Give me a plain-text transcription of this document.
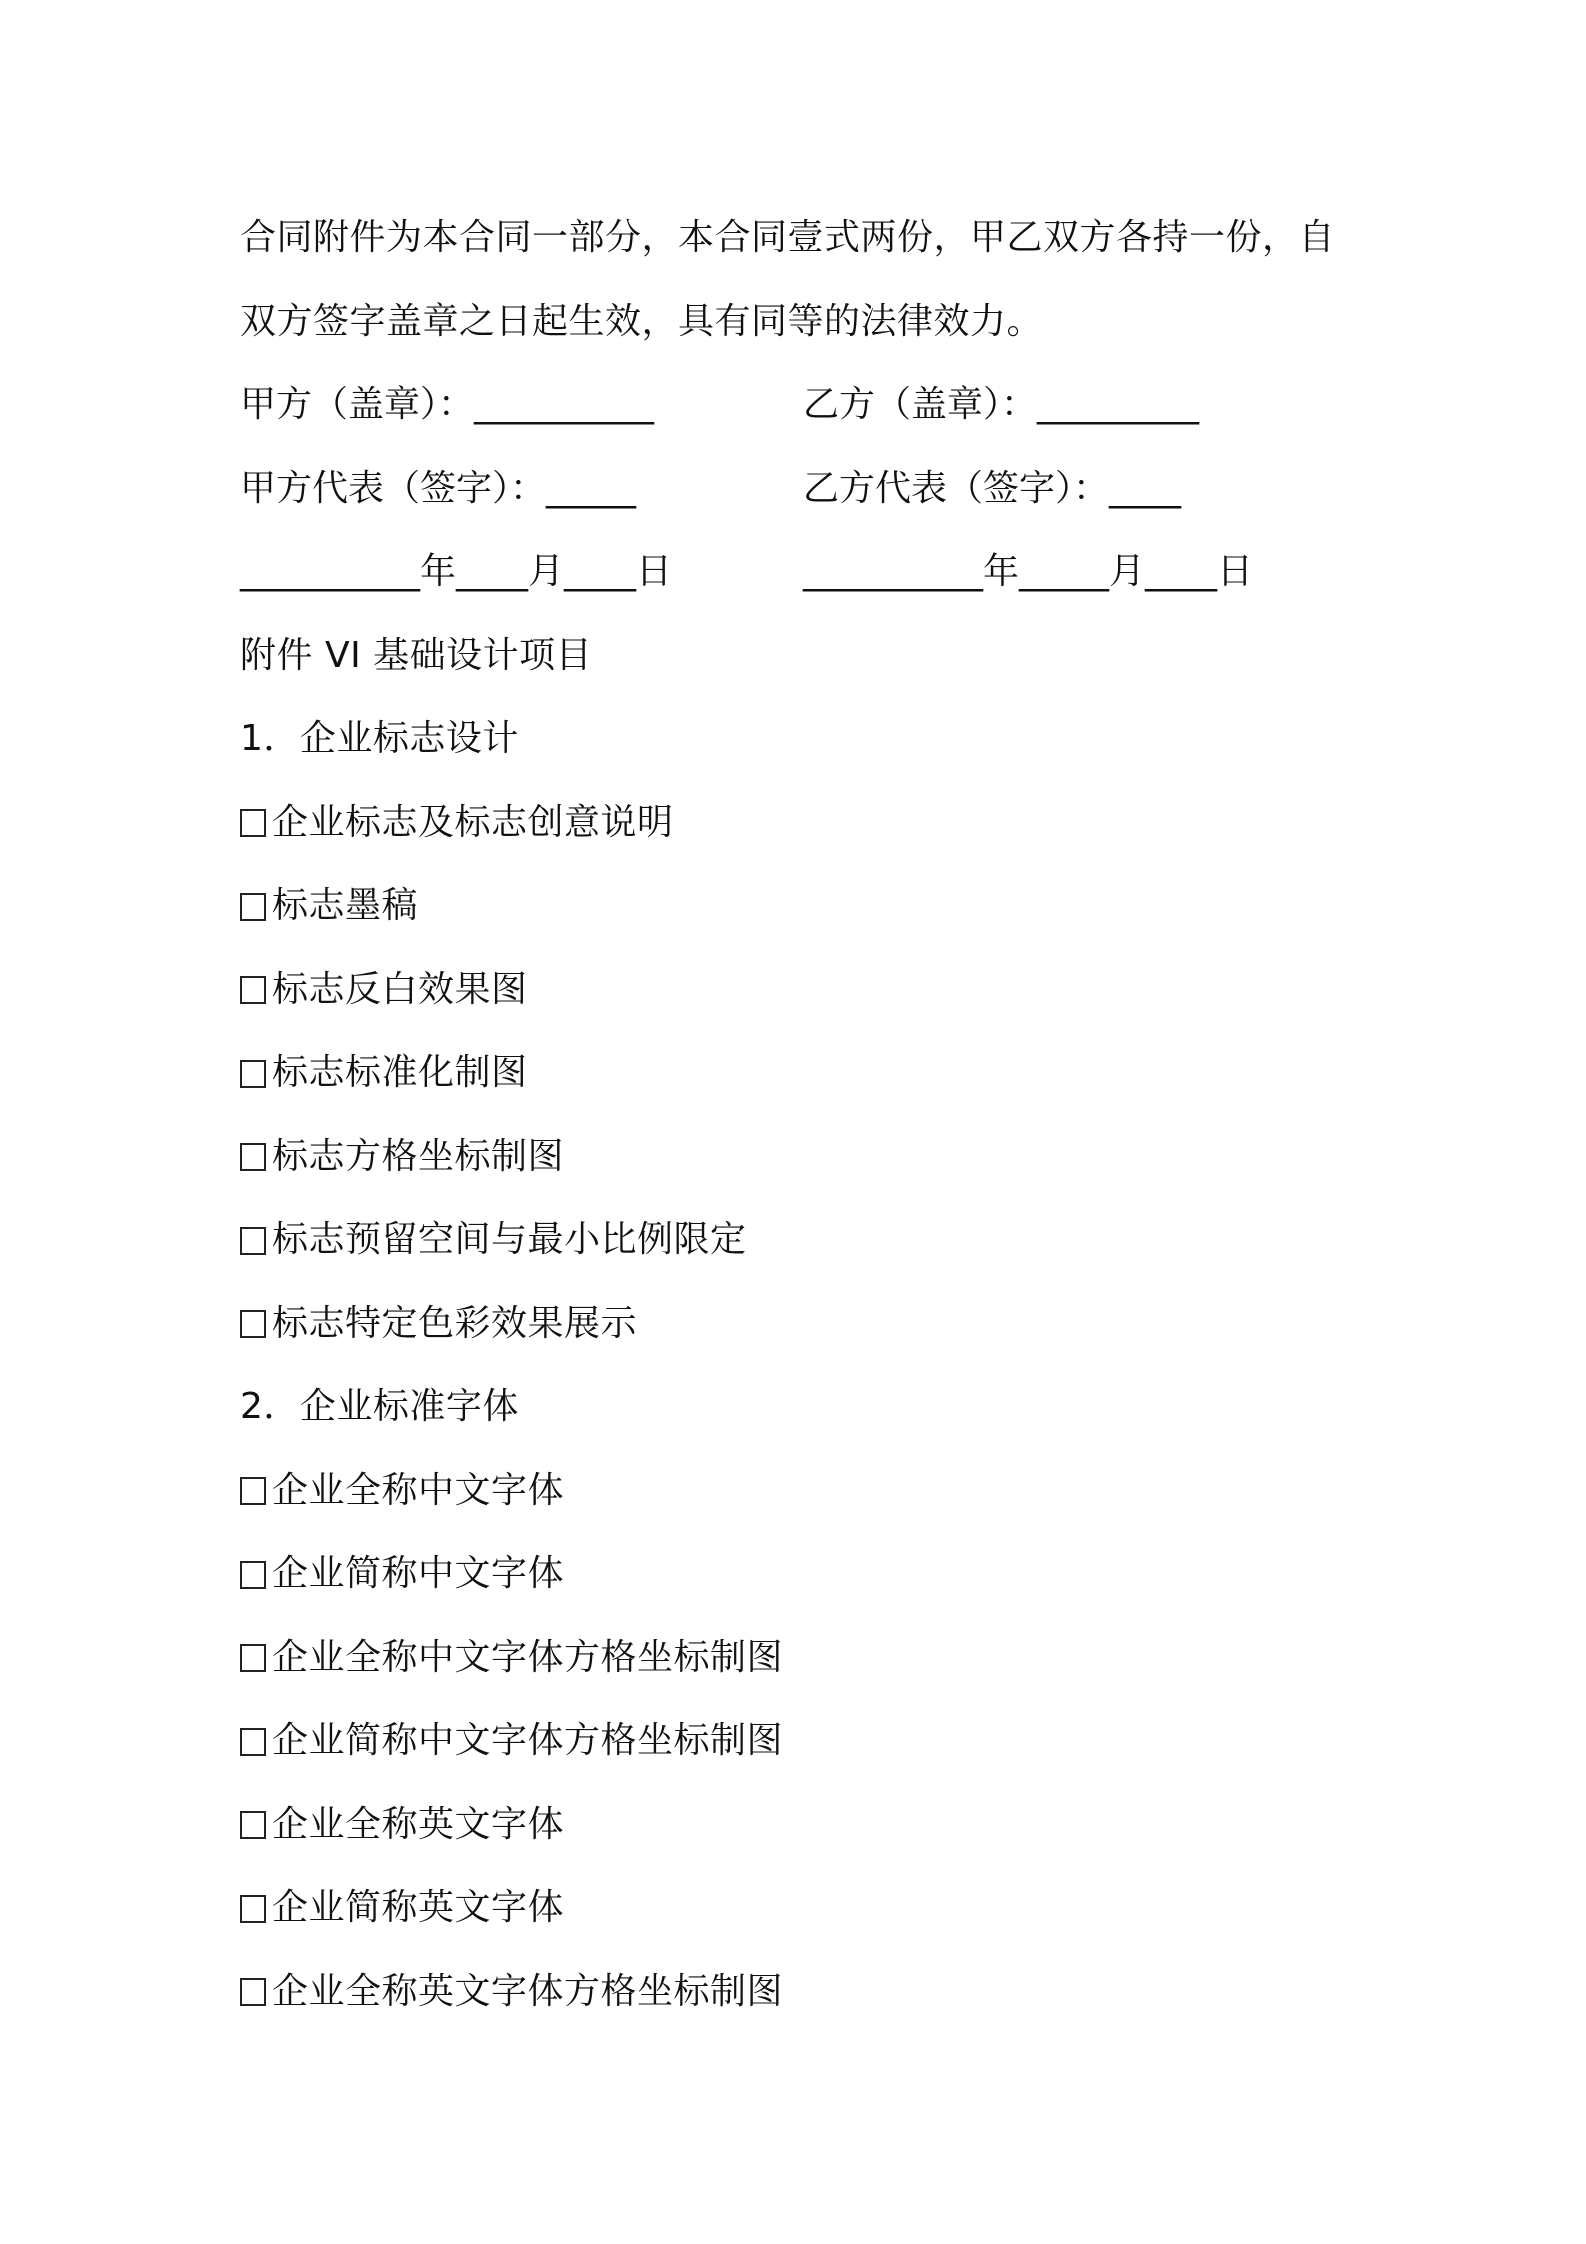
合同附件为本合同一部分，本合同壹式两份，甲乙双方各持一份，自
双方签字盖章之日起生效，具有同等的法律效力。
甲方（盖章）：__________	乙方（盖章）：_________
甲方代表（签字）：_____	乙方代表（签字）：____
__________年____月____日	__________年_____月____日
附件 VI 基础设计项目
1．企业标志设计
企业标志及标志创意说明
标志墨稿
标志反白效果图
标志标准化制图
标志方格坐标制图
标志预留空间与最小比例限定
标志特定色彩效果展示
2．企业标准字体
企业全称中文字体
企业简称中文字体
企业全称中文字体方格坐标制图
企业简称中文字体方格坐标制图
企业全称英文字体
企业简称英文字体
企业全称英文字体方格坐标制图
